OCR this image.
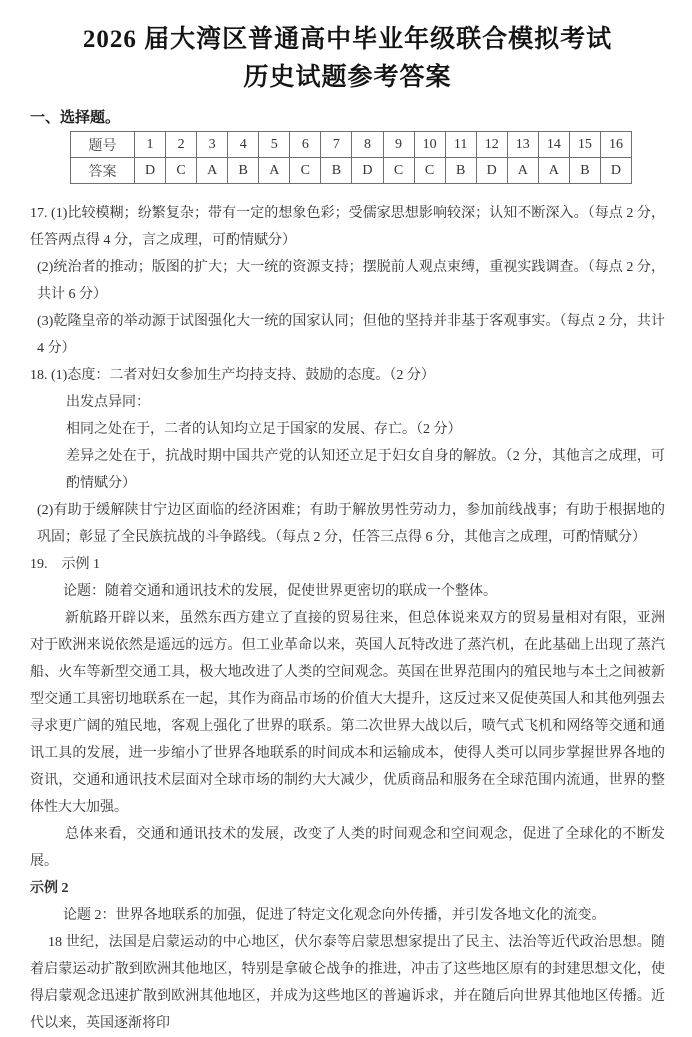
2026 届大湾区普通高中毕业年级联合模拟考试
历史试题参考答案
一、选择题。
题号	1	2	3	4	5	6	7	8	9	10	11	12	13	14	15	16
答案	D	C	A	B	A	C	B	D	C	C	B	D	A	A	B	D

17. (1)比较模糊；纷繁复杂；带有一定的想象色彩；受儒家思想影响较深；认知不断深入。（每点 2 分，任答两点得 4 分，言之成理，可酌情赋分）

(2)统治者的推动；版图的扩大；大一统的资源支持；摆脱前人观点束缚，重视实践调查。（每点 2 分，共计 6 分）

(3)乾隆皇帝的举动源于试图强化大一统的国家认同；但他的坚持并非基于客观事实。（每点 2 分，共计 4 分）

18. (1)态度：二者对妇女参加生产均持支持、鼓励的态度。（2 分）

出发点异同：

相同之处在于，二者的认知均立足于国家的发展、存亡。（2 分）

差异之处在于，抗战时期中国共产党的认知还立足于妇女自身的解放。（2 分，其他言之成理，可酌情赋分）

(2)有助于缓解陕甘宁边区面临的经济困难；有助于解放男性劳动力，参加前线战事；有助于根据地的巩固；彰显了全民族抗战的斗争路线。（每点 2 分，任答三点得 6 分，其他言之成理，可酌情赋分）

19. 示例 1

论题：随着交通和通讯技术的发展，促使世界更密切的联成一个整体。

新航路开辟以来，虽然东西方建立了直接的贸易往来，但总体说来双方的贸易量相对有限，亚洲对于欧洲来说依然是遥远的远方。但工业革命以来，英国人瓦特改进了蒸汽机，在此基础上出现了蒸汽船、火车等新型交通工具，极大地改进了人类的空间观念。英国在世界范围内的殖民地与本土之间被新型交通工具密切地联系在一起，其作为商品市场的价值大大提升，这反过来又促使英国人和其他列强去寻求更广阔的殖民地，客观上强化了世界的联系。第二次世界大战以后，喷气式飞机和网络等交通和通讯工具的发展，进一步缩小了世界各地联系的时间成本和运输成本，使得人类可以同步掌握世界各地的资讯，交通和通讯技术层面对全球市场的制约大大减少，优质商品和服务在全球范围内流通，世界的整体性大大加强。

总体来看，交通和通讯技术的发展，改变了人类的时间观念和空间观念，促进了全球化的不断发展。

示例 2

论题 2：世界各地联系的加强，促进了特定文化观念向外传播，并引发各地文化的流变。

18 世纪，法国是启蒙运动的中心地区，伏尔泰等启蒙思想家提出了民主、法治等近代政治思想。随着启蒙运动扩散到欧洲其他地区，特别是拿破仑战争的推进，冲击了这些地区原有的封建思想文化，使得启蒙观念迅速扩散到欧洲其他地区，并成为这些地区的普遍诉求，并在随后向世界其他地区传播。近代以来，英国逐渐将印
